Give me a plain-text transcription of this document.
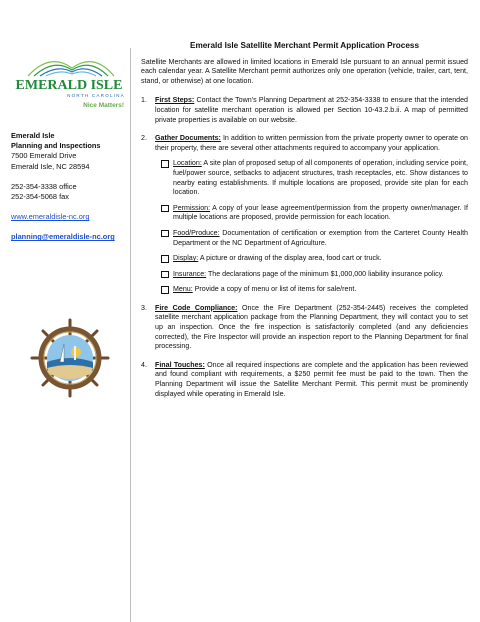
EMERALD ISLE
NORTH CAROLINA
Nice Matters!
Emerald Isle
Planning and Inspections
7500 Emerald Drive
Emerald Isle, NC 28594
252-354-3338 office
252-354-5068 fax
www.emeraldisle-nc.org
planning@emeraldisle-nc.org
Emerald Isle Satellite Merchant Permit Application Process

Satellite Merchants are allowed in limited locations in Emerald Isle pursuant to an annual permit issued each calendar year. A Satellite Merchant permit authorizes only one operation (vehicle, trailer, cart, tent, stand, or otherwise) at one location.

1. First Steps: Contact the Town’s Planning Department at 252-354-3338 to ensure that the intended location for satellite merchant operation is allowed per Section 10-43.2.b.ii. A map of permitted private properties is available on our website.
2. Gather Documents: In addition to written permission from the private property owner to operate on their property, there are several other attachments required to accompany your application.
Location: A site plan of proposed setup of all components of operation, including service point, fuel/power source, setbacks to adjacent structures, trash receptacles, etc. Show distances to nearby eating establishments. If multiple locations are proposed, provide site plan for each location.
Permission: A copy of your lease agreement/permission from the property owner/manager. If multiple locations are proposed, provide permission for each location.
Food/Produce: Documentation of certification or exemption from the Carteret County Health Department or the NC Department of Agriculture.
Display: A picture or drawing of the display area, food cart or truck.
Insurance: The declarations page of the minimum $1,000,000 liability insurance policy.
Menu: Provide a copy of menu or list of items for sale/rent.
3. Fire Code Compliance: Once the Fire Department (252-354-2445) receives the completed satellite merchant application package from the Planning Department, they will contact you to set up an inspection. Once the fire inspection is satisfactorily completed (and any deficiencies corrected), the Fire Inspector will provide an inspection report to the Planning Department for final processing.
4. Final Touches: Once all required inspections are complete and the application has been reviewed and found compliant with requirements, a $250 permit fee must be paid to the town. Then the Planning Department will issue the Satellite Merchant Permit. This permit must be prominently displayed while operating in Emerald Isle.
